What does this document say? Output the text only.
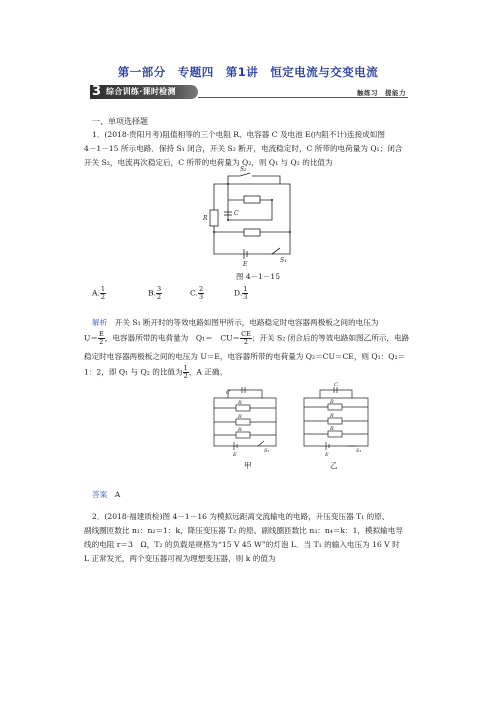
第一部分　专题四　第1讲　恒定电流与交变电流
3 综合训练·课时检测	触练习　提能力
一、单项选择题
1．(2018·贵阳月考)阻值相等的三个电阻 R、电容器 C 及电池 E(内阻不计)连接成如图
4－1－15 所示电路．保持 S₁ 闭合，开关 S₂ 断开，电流稳定时，C 所带的电荷量为 Q₁；闭合
开关 S₂，电流再次稳定后，C 所带的电荷量为 Q₂，则 Q₁ 与 Q₂ 的比值为
S₂
R
C
E
S₁
图 4－1－15
A. $\frac{1}{2}$	B. $\frac{3}{2}$	C. $\frac{2}{3}$	D. $\frac{1}{3}$
解析　 开关 S₁ 断开时的等效电路如图甲所示，电路稳定时电容器两极板之间的电压为
$U= \frac{E}{2}$ ，电容器所带的电荷量为　Q₁＝　$CU= \frac{CE}{2}$ ；开关 S₂ 闭合后的等效电路如图乙所示，电路
稳定时电容器两极板之间的电压为 U＝E，电容器所带的电荷量为 Q₂＝CU＝CE，则 Q₁：Q₂＝
1：2，即 Q₁ 与 Q₂ 的比值为 $\frac{1}{2}$ ，A 正确。
C
R
R
R
E
S₁
甲
C
R
R
R
E
S₁
乙
答案　 A
2．(2018·福建质检)图 4－1－16 为模拟远距离交流输电的电路，升压变压器 T₁ 的原、
副线圈匝数比 n₁：n₂＝1：k，降压变压器 T₂ 的原、副线圈匝数比 n₃：n₄＝k：1，模拟输电导
线的电阻 r＝3　Ω，T₂ 的负载是规格为“15 V 45 W”的灯泡 L．当 T₁ 的输入电压为 16 V 时
L 正常发光，两个变压器可视为理想变压器，则 k 的值为
